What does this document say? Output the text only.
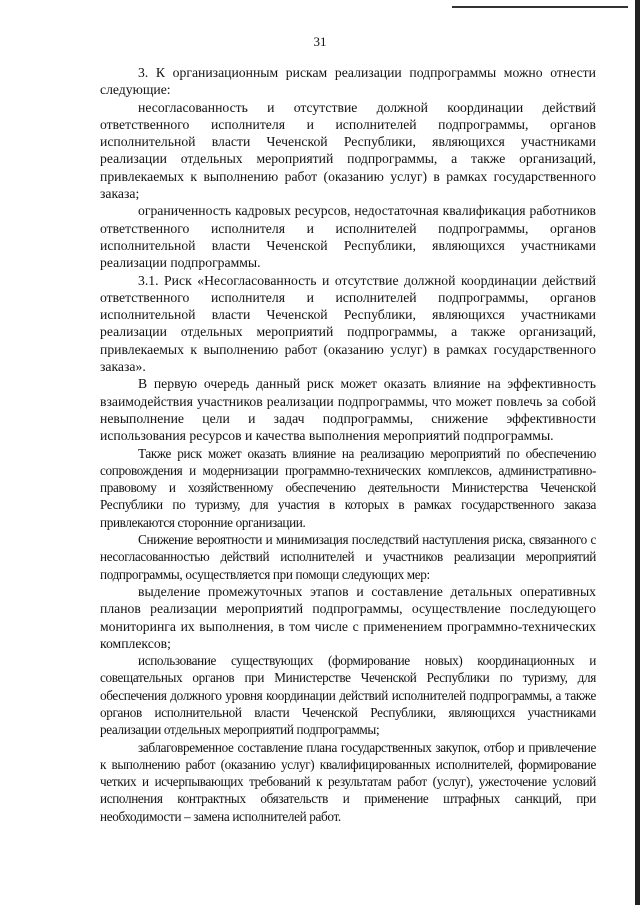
31

3. К организационным рискам реализации подпрограммы можно отнести следующие:

несогласованность и отсутствие должной координации действий ответственного исполнителя и исполнителей подпрограммы, органов исполнительной власти Чеченской Республики, являющихся участниками реализации отдельных мероприятий подпрограммы, а также организаций, привлекаемых к выполнению работ (оказанию услуг) в рамках государственного заказа;

ограниченность кадровых ресурсов, недостаточная квалификация работников ответственного исполнителя и исполнителей подпрограммы, органов исполнительной власти Чеченской Республики, являющихся участниками реализации подпрограммы.

3.1. Риск «Несогласованность и отсутствие должной координации действий ответственного исполнителя и исполнителей подпрограммы, органов исполнительной власти Чеченской Республики, являющихся участниками реализации отдельных мероприятий подпрограммы, а также организаций, привлекаемых к выполнению работ (оказанию услуг) в рамках государственного заказа».

В первую очередь данный риск может оказать влияние на эффективность взаимодействия участников реализации подпрограммы, что может повлечь за собой невыполнение цели и задач подпрограммы, снижение эффективности использования ресурсов и качества выполнения мероприятий подпрограммы.

Также риск может оказать влияние на реализацию мероприятий по обеспечению сопровождения и модернизации программно-технических комплексов, административно-правовому и хозяйственному обеспечению деятельности Министерства Чеченской Республики по туризму, для участия в которых в рамках государственного заказа привлекаются сторонние организации.

Снижение вероятности и минимизация последствий наступления риска, связанного с несогласованностью действий исполнителей и участников реализации мероприятий подпрограммы, осуществляется при помощи следующих мер:

выделение промежуточных этапов и составление детальных оперативных планов реализации мероприятий подпрограммы, осуществление последующего мониторинга их выполнения, в том числе с применением программно-технических комплексов;

использование существующих (формирование новых) координационных и совещательных органов при Министерстве Чеченской Республики по туризму, для обеспечения должного уровня координации действий исполнителей подпрограммы, а также органов исполнительной власти Чеченской Республики, являющихся участниками реализации отдельных мероприятий подпрограммы;

заблаговременное составление плана государственных закупок, отбор и привлечение к выполнению работ (оказанию услуг) квалифицированных исполнителей, формирование четких и исчерпывающих требований к результатам работ (услуг), ужесточение условий исполнения контрактных обязательств и применение штрафных санкций, при необходимости – замена исполнителей работ.
